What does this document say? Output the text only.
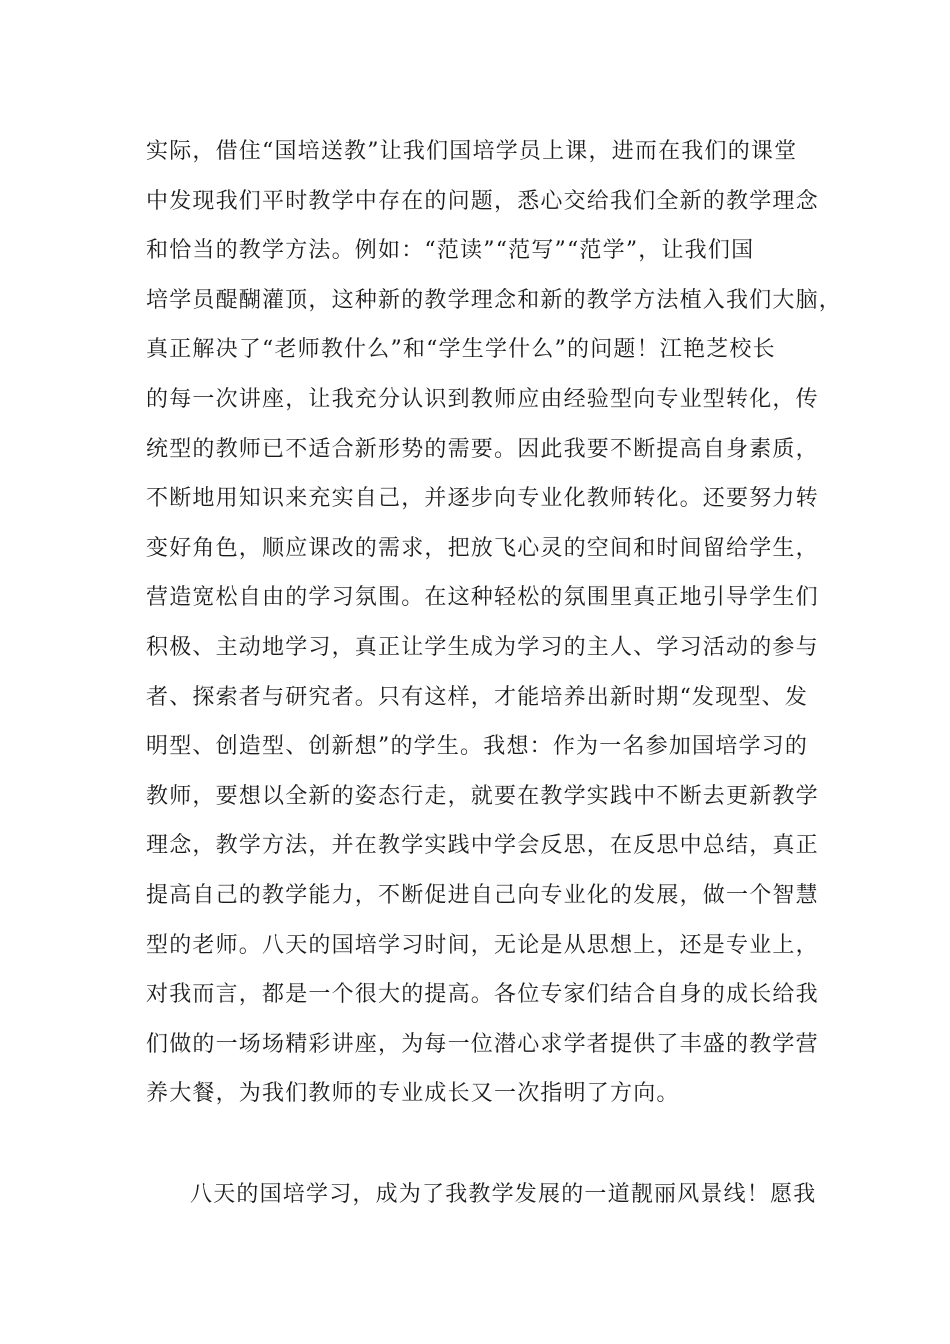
实际，借住“国培送教”让我们国培学员上课，进而在我们的课堂
中发现我们平时教学中存在的问题，悉心交给我们全新的教学理念
和恰当的教学方法。例如：“范读”“范写”“范学”，让我们国
培学员醍醐灌顶，这种新的教学理念和新的教学方法植入我们大脑，
真正解决了“老师教什么”和“学生学什么”的问题！江艳芝校长
的每一次讲座，让我充分认识到教师应由经验型向专业型转化，传
统型的教师已不适合新形势的需要。因此我要不断提高自身素质，
不断地用知识来充实自己，并逐步向专业化教师转化。还要努力转
变好角色，顺应课改的需求，把放飞心灵的空间和时间留给学生，
营造宽松自由的学习氛围。在这种轻松的氛围里真正地引导学生们
积极、主动地学习，真正让学生成为学习的主人、学习活动的参与
者、探索者与研究者。只有这样，才能培养出新时期“发现型、发
明型、创造型、创新想”的学生。我想：作为一名参加国培学习的
教师，要想以全新的姿态行走，就要在教学实践中不断去更新教学
理念，教学方法，并在教学实践中学会反思，在反思中总结，真正
提高自己的教学能力，不断促进自己向专业化的发展，做一个智慧
型的老师。八天的国培学习时间，无论是从思想上，还是专业上，
对我而言，都是一个很大的提高。各位专家们结合自身的成长给我
们做的一场场精彩讲座，为每一位潜心求学者提供了丰盛的教学营
养大餐，为我们教师的专业成长又一次指明了方向。
八天的国培学习，成为了我教学发展的一道靓丽风景线！愿我
